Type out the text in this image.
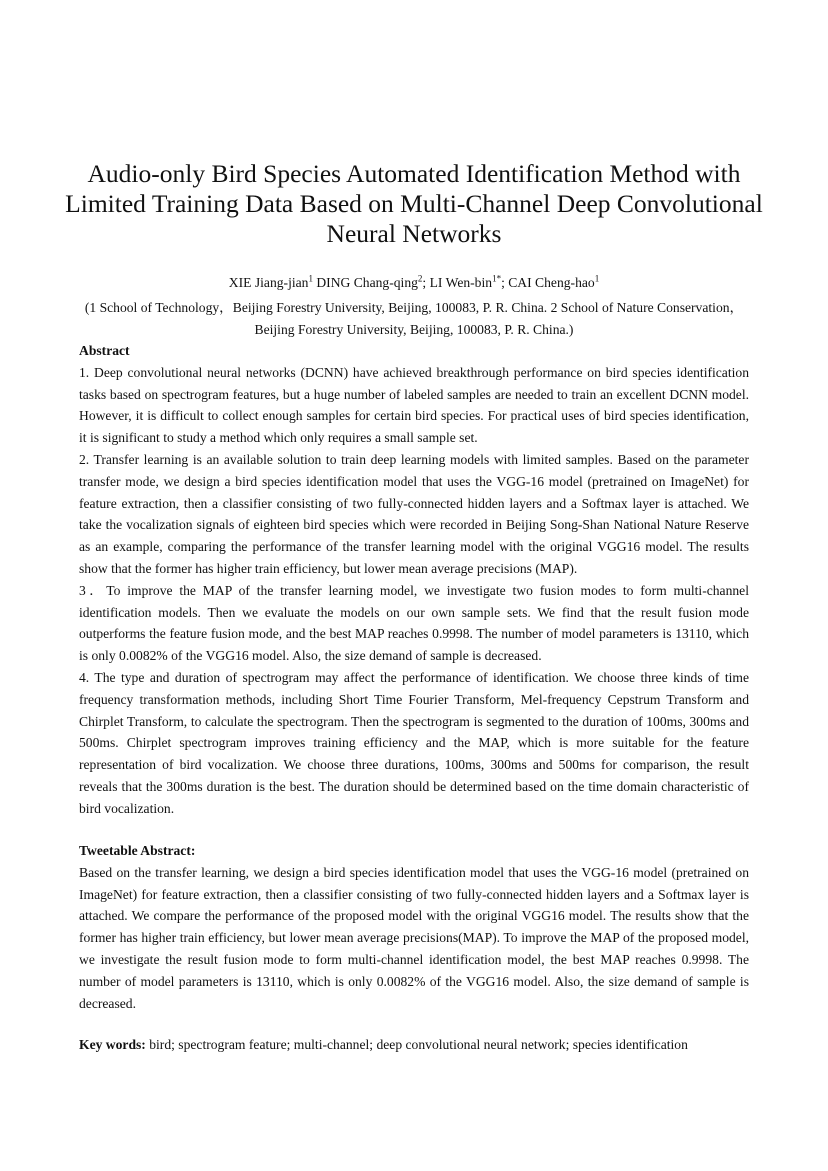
Audio-only Bird Species Automated Identification Method with Limited Training Data Based on Multi-Channel Deep Convolutional Neural Networks
XIE Jiang-jian$^1$ DING Chang-qing$^2$; LI Wen-bin$^{1*}$; CAI Cheng-hao$^1$
(1 School of Technology，Beijing Forestry University, Beijing, 100083, P. R. China. 2 School of Nature Conservation，Beijing Forestry University, Beijing, 100083, P. R. China.)
Abstract
1. Deep convolutional neural networks (DCNN) have achieved breakthrough performance on bird species identification tasks based on spectrogram features, but a huge number of labeled samples are needed to train an excellent DCNN model. However, it is difficult to collect enough samples for certain bird species. For practical uses of bird species identification, it is significant to study a method which only requires a small sample set.
2. Transfer learning is an available solution to train deep learning models with limited samples. Based on the parameter transfer mode, we design a bird species identification model that uses the VGG-16 model (pretrained on ImageNet) for feature extraction, then a classifier consisting of two fully-connected hidden layers and a Softmax layer is attached. We take the vocalization signals of eighteen bird species which were recorded in Beijing Song-Shan National Nature Reserve as an example, comparing the performance of the transfer learning model with the original VGG16 model. The results show that the former has higher train efficiency, but lower mean average precisions (MAP).
3．To improve the MAP of the transfer learning model, we investigate two fusion modes to form multi-channel identification models. Then we evaluate the models on our own sample sets. We find that the result fusion mode outperforms the feature fusion mode, and the best MAP reaches 0.9998. The number of model parameters is 13110, which is only 0.0082% of the VGG16 model. Also, the size demand of sample is decreased.
4. The type and duration of spectrogram may affect the performance of identification. We choose three kinds of time frequency transformation methods, including Short Time Fourier Transform, Mel-frequency Cepstrum Transform and Chirplet Transform, to calculate the spectrogram. Then the spectrogram is segmented to the duration of 100ms, 300ms and 500ms. Chirplet spectrogram improves training efficiency and the MAP, which is more suitable for the feature representation of bird vocalization. We choose three durations, 100ms, 300ms and 500ms for comparison, the result reveals that the 300ms duration is the best. The duration should be determined based on the time domain characteristic of bird vocalization.
Tweetable Abstract:
Based on the transfer learning, we design a bird species identification model that uses the VGG-16 model (pretrained on ImageNet) for feature extraction, then a classifier consisting of two fully-connected hidden layers and a Softmax layer is attached. We compare the performance of the proposed model with the original VGG16 model. The results show that the former has higher train efficiency, but lower mean average precisions(MAP). To improve the MAP of the proposed model, we investigate the result fusion mode to form multi-channel identification model, the best MAP reaches 0.9998. The number of model parameters is 13110, which is only 0.0082% of the VGG16 model. Also, the size demand of sample is decreased.
Key words: bird; spectrogram feature; multi-channel; deep convolutional neural network; species identification
